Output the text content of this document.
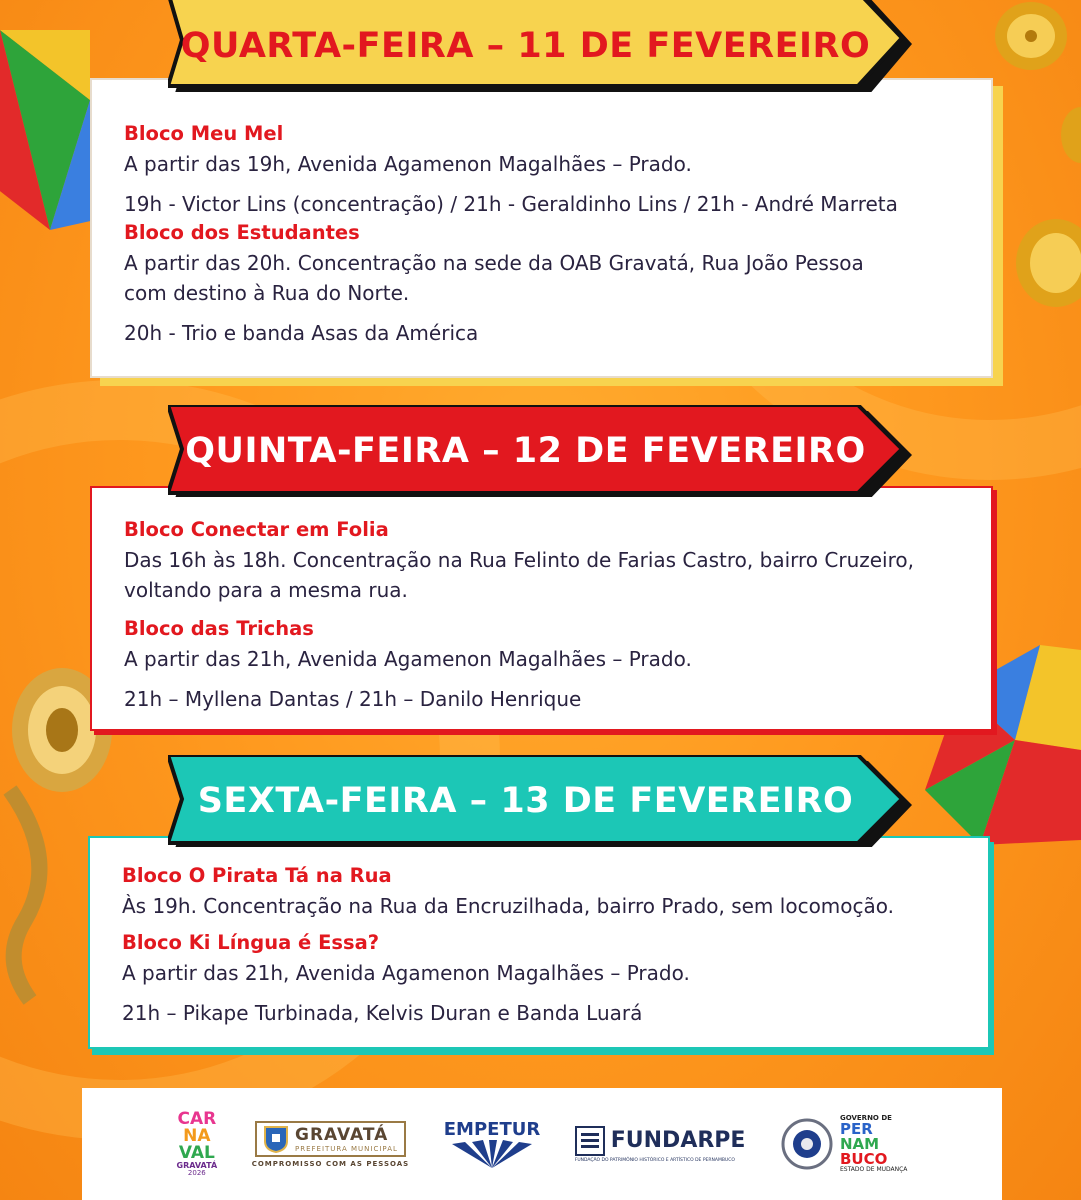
Bloco Meu Mel
A partir das 19h, Avenida Agamenon Magalhães – Prado.
19h - Victor Lins (concentração) / 21h - Geraldinho Lins / 21h - André Marreta
Bloco dos Estudantes
A partir das 20h. Concentração na sede da OAB Gravatá, Rua João Pessoa
com destino à Rua do Norte.
20h - Trio e banda Asas da América
QUARTA-FEIRA – 11 DE FEVEREIRO
Bloco Conectar em Folia
Das 16h às 18h. Concentração na Rua Felinto de Farias Castro, bairro Cruzeiro,
voltando para a mesma rua.
Bloco das Trichas
A partir das 21h, Avenida Agamenon Magalhães – Prado.
21h – Myllena Dantas / 21h – Danilo Henrique
QUINTA-FEIRA – 12 DE FEVEREIRO
Bloco O Pirata Tá na Rua
Às 19h. Concentração na Rua da Encruzilhada, bairro Prado, sem locomoção.
Bloco Ki Língua é Essa?
A partir das 21h, Avenida Agamenon Magalhães – Prado.
21h – Pikape Turbinada, Kelvis Duran e Banda Luará
SEXTA-FEIRA – 13 DE FEVEREIRO
CAR
NA
VAL
GRAVATÁ
2026
GRAVATÁ
PREFEITURA MUNICIPAL
COMPROMISSO COM AS PESSOAS
EMPETUR	FUNDARPE
FUNDAÇÃO DO PATRIMÔNIO HISTÓRICO E ARTÍSTICO DE PERNAMBUCO
GOVERNO DE
PER
NAM
BUCO
ESTADO DE MUDANÇA
